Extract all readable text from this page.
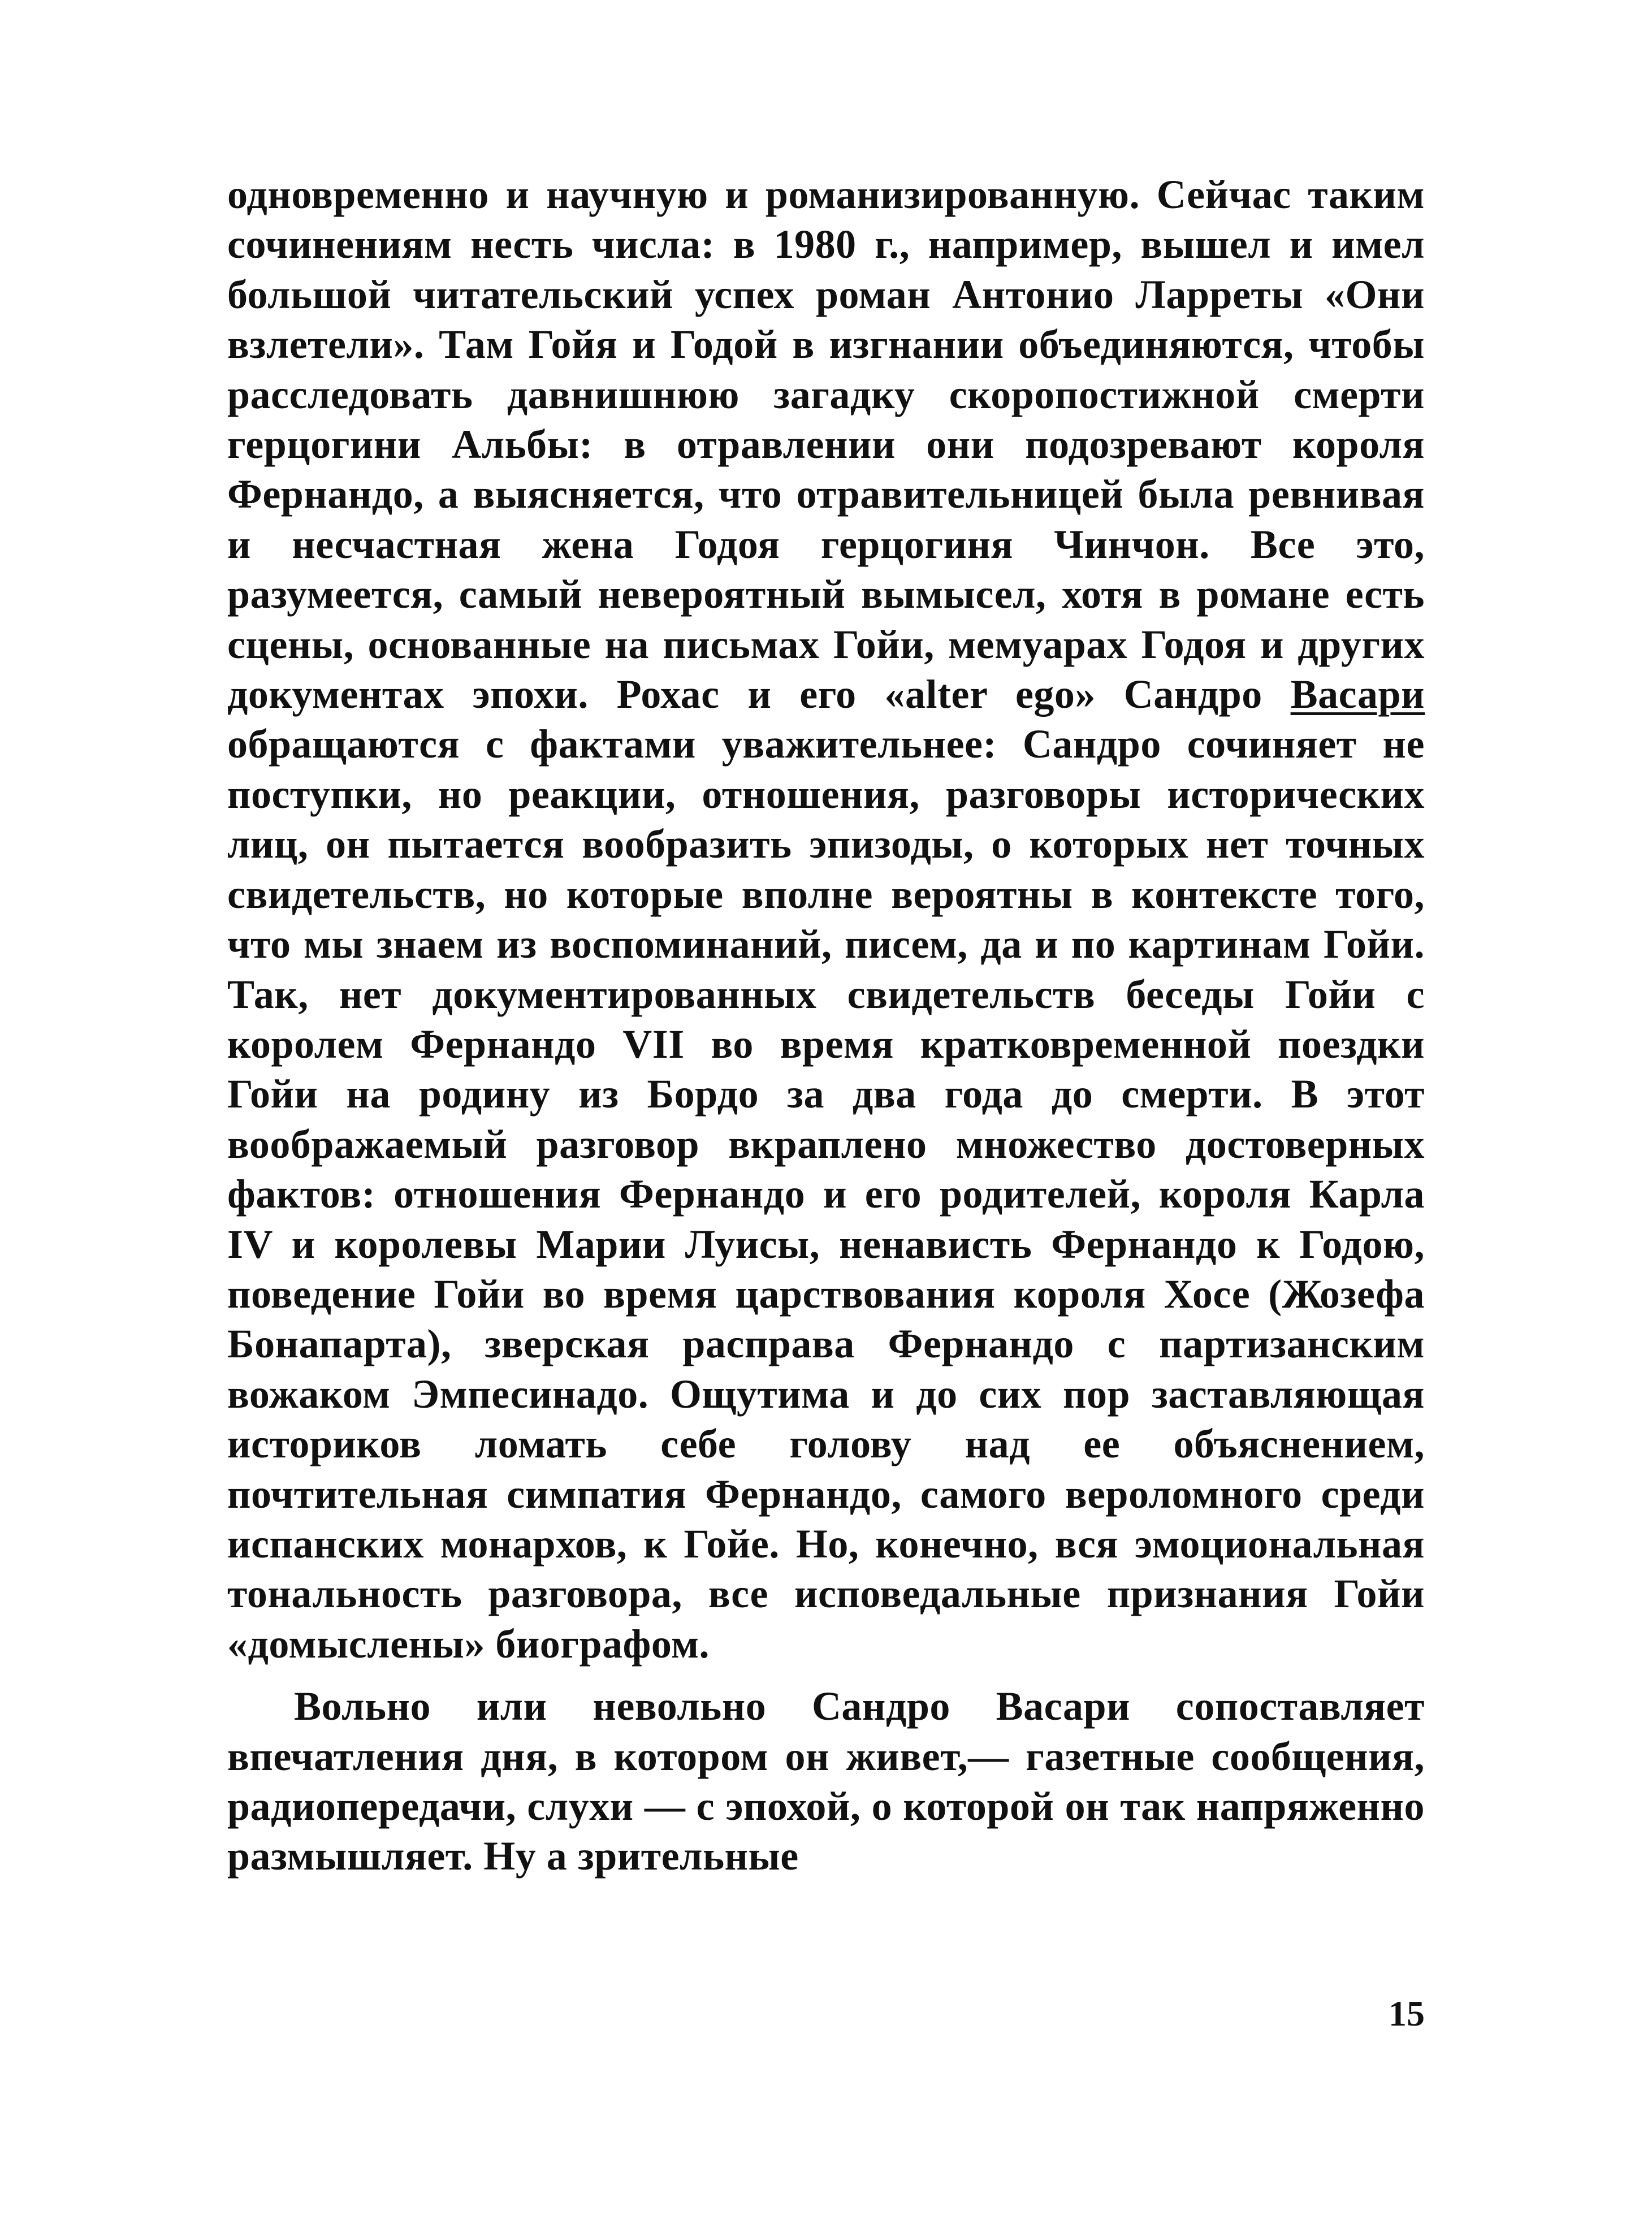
одновременно и научную и романизированную. Сейчас таким сочинениям несть числа: в 1980 г., например, вышел и имел большой читательский успех роман Антонио Ларреты «Они взлетели». Там Гойя и Годой в изгнании объединяются, чтобы расследовать давнишнюю загадку скоропостижной смерти герцогини Альбы: в отравлении они подозревают короля Фернандо, а выясняется, что отравительницей была ревнивая и несчастная жена Годоя герцогиня Чинчон. Все это, разумеется, самый невероятный вымысел, хотя в романе есть сцены, основанные на письмах Гойи, мемуарах Годоя и других документах эпохи. Рохас и его «alter ego» Сандро Васари обращаются с фактами уважительнее: Сандро сочиняет не поступки, но реакции, отношения, разговоры исторических лиц, он пытается вообразить эпизоды, о которых нет точных свидетельств, но которые вполне вероятны в контексте того, что мы знаем из воспоминаний, писем, да и по картинам Гойи. Так, нет документированных свидетельств беседы Гойи с королем Фернандо VII во время кратковременной поездки Гойи на родину из Бордо за два года до смерти. В этот воображаемый разговор вкраплено множество достоверных фактов: отношения Фернандо и его родителей, короля Карла IV и королевы Марии Луисы, ненависть Фернандо к Годою, поведение Гойи во время царствования короля Хосе (Жозефа Бонапарта), зверская расправа Фернандо с партизанским вожаком Эмпесинадо. Ощутима и до сих пор заставляющая историков ломать себе голову над ее объяснением, почтительная симпатия Фернандо, самого вероломного среди испанских монархов, к Гойе. Но, конечно, вся эмоциональная тональность разговора, все исповедальные признания Гойи «домыслены» биографом.

Вольно или невольно Сандро Васари сопоставляет впечатления дня, в котором он живет,— газетные сообщения, радиопередачи, слухи — с эпохой, о которой он так напряженно размышляет. Ну а зрительные

15
